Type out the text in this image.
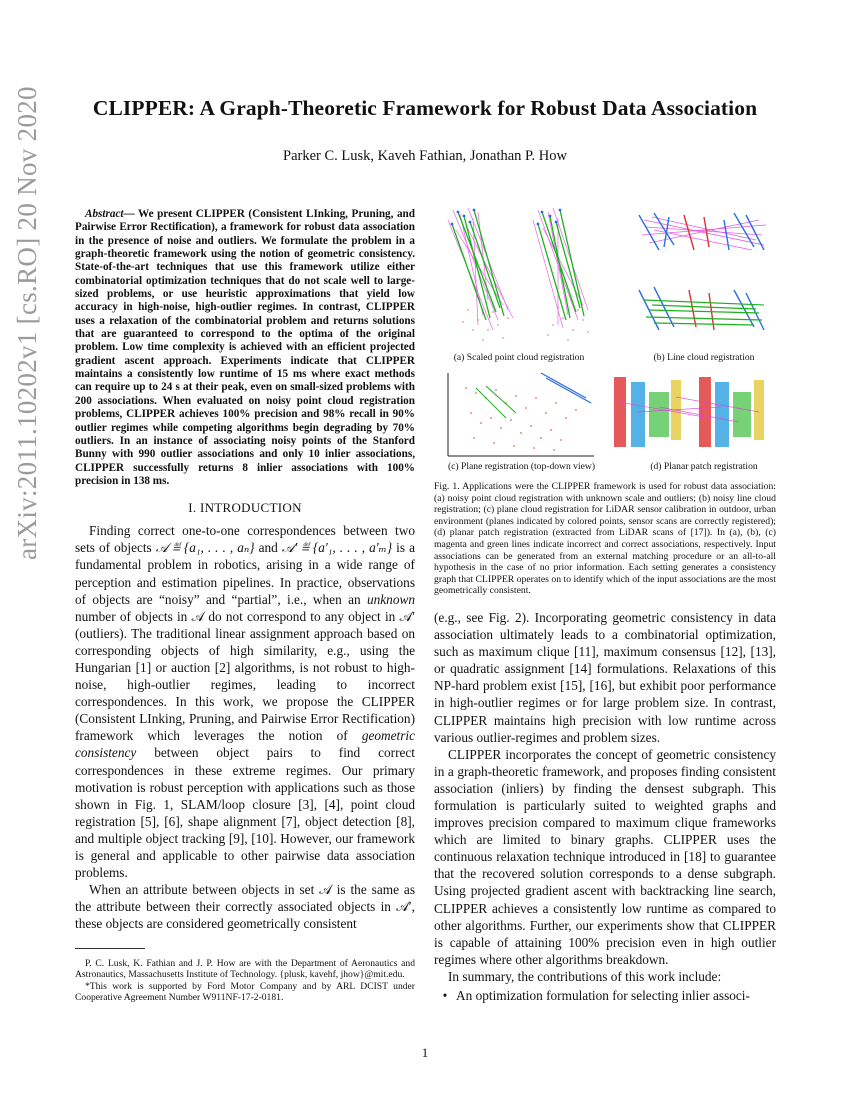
arXiv:2011.10202v1 [cs.RO] 20 Nov 2020	CLIPPER: A Graph-Theoretic Framework for Robust Data Association
Parker C. Lusk, Kaveh Fathian, Jonathan P. How
Abstract— We present CLIPPER (Consistent LInking, Pruning, and Pairwise Error Rectification), a framework for robust data association in the presence of noise and outliers. We formulate the problem in a graph-theoretic framework using the notion of geometric consistency. State-of-the-art techniques that use this framework utilize either combinatorial optimization techniques that do not scale well to large-sized problems, or use heuristic approximations that yield low accuracy in high-noise, high-outlier regimes. In contrast, CLIPPER uses a relaxation of the combinatorial problem and returns solutions that are guaranteed to correspond to the optima of the original problem. Low time complexity is achieved with an efficient projected gradient ascent approach. Experiments indicate that CLIPPER maintains a consistently low runtime of 15 ms where exact methods can require up to 24 s at their peak, even on small-sized problems with 200 associations. When evaluated on noisy point cloud registration problems, CLIPPER achieves 100% precision and 98% recall in 90% outlier regimes while competing algorithms begin degrading by 70% outliers. In an instance of associating noisy points of the Stanford Bunny with 990 outlier associations and only 10 inlier associations, CLIPPER successfully returns 8 inlier associations with 100% precision in 138 ms.
I. INTRODUCTION

Finding correct one-to-one correspondences between two sets of objects 𝒜 ≝ {a₁, . . . , aₙ} and 𝒜′ ≝ {a′₁, . . . , a′ₘ} is a fundamental problem in robotics, arising in a wide range of perception and estimation pipelines. In practice, observations of objects are “noisy” and “partial”, i.e., when an unknown number of objects in 𝒜 do not correspond to any object in 𝒜′ (outliers). The traditional linear assignment approach based on corresponding objects of high similarity, e.g., using the Hungarian [1] or auction [2] algorithms, is not robust to high-noise, high-outlier regimes, leading to incorrect correspondences. In this work, we propose the CLIPPER (Consistent LInking, Pruning, and Pairwise Error Rectification) framework which leverages the notion of geometric consistency between object pairs to find correct correspondences in these extreme regimes. Our primary motivation is robust perception with applications such as those shown in Fig. 1, SLAM/loop closure [3], [4], point cloud registration [5], [6], shape alignment [7], object detection [8], and multiple object tracking [9], [10]. However, our framework is general and applicable to other pairwise data association problems.

When an attribute between objects in set 𝒜 is the same as the attribute between their correctly associated objects in 𝒜′, these objects are considered geometrically consistent

P. C. Lusk, K. Fathian and J. P. How are with the Department of Aeronautics and Astronautics, Massachusetts Institute of Technology. {plusk, kavehf, jhow}@mit.edu.

*This work is supported by Ford Motor Company and by ARL DCIST under Cooperative Agreement Number W911NF-17-2-0181.

(a) Scaled point cloud registration	(b) Line cloud registration
(c) Plane registration (top-down view)	(d) Planar patch registration
Fig. 1. Applications were the CLIPPER framework is used for robust data association: (a) noisy point cloud registration with unknown scale and outliers; (b) noisy line cloud registration; (c) plane cloud registration for LiDAR sensor calibration in outdoor, urban environment (planes indicated by colored points, sensor scans are correctly registered); (d) planar patch registration (extracted from LiDAR scans of [17]). In (a), (b), (c) magenta and green lines indicate incorrect and correct associations, respectively. Input associations can be generated from an external matching procedure or an all-to-all hypothesis in the case of no prior information. Each setting generates a consistency graph that CLIPPER operates on to identify which of the input associations are the most geometrically consistent.

(e.g., see Fig. 2). Incorporating geometric consistency in data association ultimately leads to a combinatorial optimization, such as maximum clique [11], maximum consensus [12], [13], or quadratic assignment [14] formulations. Relaxations of this NP-hard problem exist [15], [16], but exhibit poor performance in high-outlier regimes or for large problem size. In contrast, CLIPPER maintains high precision with low runtime across various outlier-regimes and problem sizes.

CLIPPER incorporates the concept of geometric consistency in a graph-theoretic framework, and proposes finding consistent association (inliers) by finding the densest subgraph. This formulation is particularly suited to weighted graphs and improves precision compared to maximum clique frameworks which are limited to binary graphs. CLIPPER uses the continuous relaxation technique introduced in [18] to guarantee that the recovered solution corresponds to a dense subgraph. Using projected gradient ascent with backtracking line search, CLIPPER achieves a consistently low runtime as compared to other algorithms. Further, our experiments show that CLIPPER is capable of attaining 100% precision even in high outlier regimes where other algorithms breakdown.

In summary, the contributions of this work include:

• An optimization formulation for selecting inlier associ-
1
